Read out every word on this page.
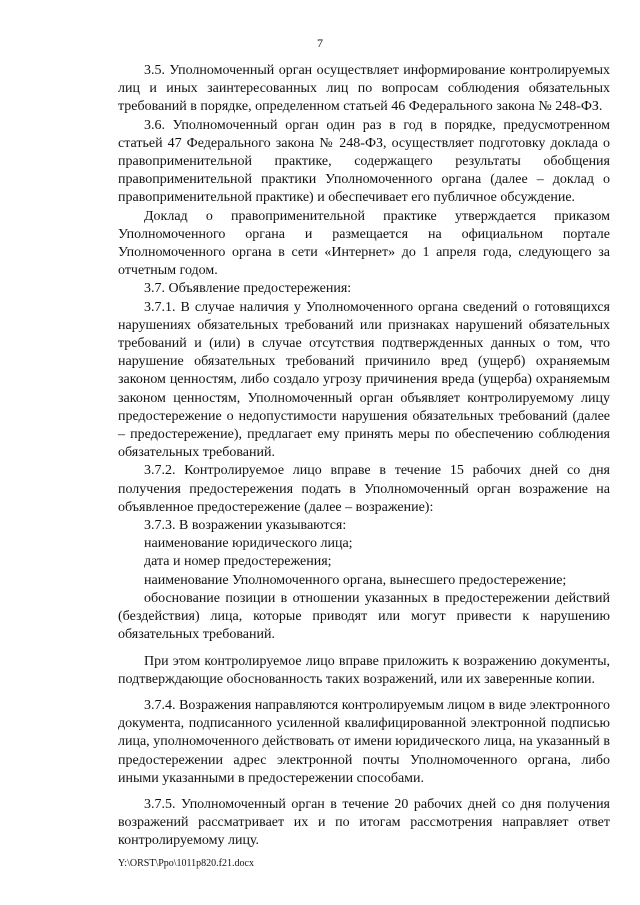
7

3.5. Уполномоченный орган осуществляет информирование контролируемых лиц и иных заинтересованных лиц по вопросам соблюдения обязательных требований в порядке, определенном статьей 46 Федерального закона № 248-ФЗ.

3.6. Уполномоченный орган один раз в год в порядке, предусмотренном статьей 47 Федерального закона № 248-ФЗ, осуществляет подготовку доклада о правоприменительной практике, содержащего результаты обобщения правоприменительной практики Уполномоченного органа (далее – доклад о правоприменительной практике) и обеспечивает его публичное обсуждение.

Доклад о правоприменительной практике утверждается приказом Уполномоченного органа и размещается на официальном портале Уполномоченного органа в сети «Интернет» до 1 апреля года, следующего за отчетным годом.

3.7. Объявление предостережения:

3.7.1. В случае наличия у Уполномоченного органа сведений о готовящихся нарушениях обязательных требований или признаках нарушений обязательных требований и (или) в случае отсутствия подтвержденных данных о том, что нарушение обязательных требований причинило вред (ущерб) охраняемым законом ценностям, либо создало угрозу причинения вреда (ущерба) охраняемым законом ценностям, Уполномоченный орган объявляет контролируемому лицу предостережение о недопустимости нарушения обязательных требований (далее – предостережение), предлагает ему принять меры по обеспечению соблюдения обязательных требований.

3.7.2. Контролируемое лицо вправе в течение 15 рабочих дней со дня получения предостережения подать в Уполномоченный орган возражение на объявленное предостережение (далее – возражение):

3.7.3. В возражении указываются:

наименование юридического лица;

дата и номер предостережения;

наименование Уполномоченного органа, вынесшего предостережение;

обоснование позиции в отношении указанных в предостережении действий (бездействия) лица, которые приводят или могут привести к нарушению обязательных требований.

При этом контролируемое лицо вправе приложить к возражению документы, подтверждающие обоснованность таких возражений, или их заверенные копии.

3.7.4. Возражения направляются контролируемым лицом в виде электронного документа, подписанного усиленной квалифицированной электронной подписью лица, уполномоченного действовать от имени юридического лица, на указанный в предостережении адрес электронной почты Уполномоченного органа, либо иными указанными в предостережении способами.

3.7.5. Уполномоченный орган в течение 20 рабочих дней со дня получения возражений рассматривает их и по итогам рассмотрения направляет ответ контролируемому лицу.

Y:\ORST\Ppo\1011p820.f21.docx
